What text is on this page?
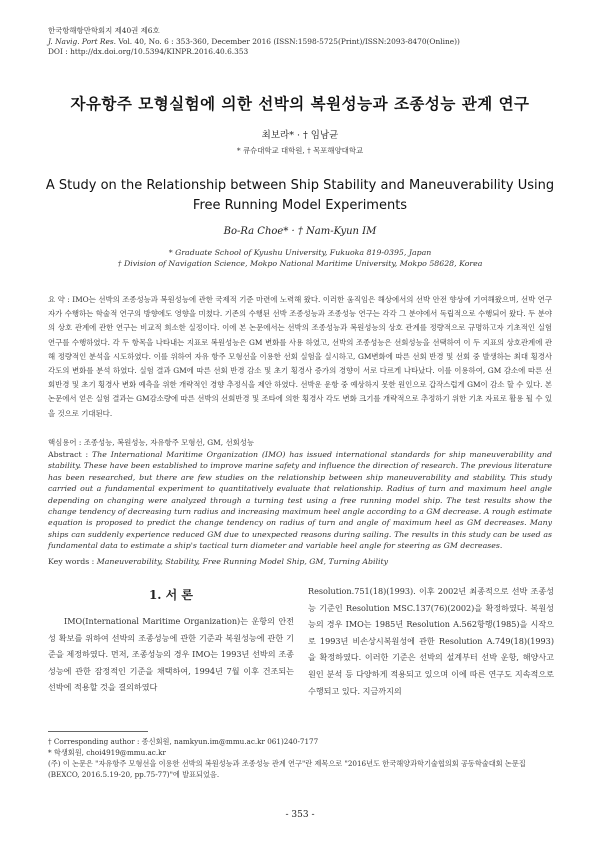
한국항해항만학회지 제40권 제6호
J. Navig. Port Res. Vol. 40, No. 6 : 353-360, December 2016 (ISSN:1598-5725(Print)/ISSN:2093-8470(Online))
DOI : http://dx.doi.org/10.5394/KINPR.2016.40.6.353
자유항주 모형실험에 의한 선박의 복원성능과 조종성능 관계 연구
최보라* · † 임남균
* 큐슈대학교 대학원, † 목포해양대학교
A Study on the Relationship between Ship Stability and Maneuverability Using Free Running Model Experiments
Bo-Ra Choe* · † Nam-Kyun IM
* Graduate School of Kyushu University, Fukuoka 819-0395, Japan
† Division of Navigation Science, Mokpo National Maritime University, Mokpo 58628, Korea
요 약 : IMO는 선박의 조종성능과 복원성능에 관한 국제적 기준 마련에 노력해 왔다. 이러한 움직임은 해상에서의 선박 안전 향상에 기여해왔으며, 선박 연구자가 수행하는 학술적 연구의 방향에도 영향을 미쳤다. 기존의 수행된 선박 조종성능과 조종성능 연구는 각각 그 분야에서 독립적으로 수행되어 왔다. 두 분야의 상호 관계에 관한 연구는 비교적 희소한 실정이다. 이에 본 논문에서는 선박의 조종성능과 복원성능의 상호 관계를 정량적으로 규명하고자 기초적인 실험 연구를 수행하였다. 각 두 항목을 나타내는 지표로 복원성능은 GM 변화를 사용 하였고, 선박의 조종성능은 선회성능을 선택하여 이 두 지표의 상호관계에 관해 정량적인 분석을 시도하였다. 이를 위하여 자유 항주 모형선을 이용한 선회 실험을 실시하고, GM변화에 따른 선회 반경 및 선회 중 발생하는 최대 횡경사 각도의 변화를 분석 하였다. 실험 결과 GM에 따른 선회 반경 감소 및 초기 횡경사 증가의 경향이 서로 다르게 나타났다. 이를 이용하여, GM 감소에 따른 선회반경 및 초기 횡경사 변화 예측을 위한 개략적인 경향 추정식을 제안 하였다. 선박운 운항 중 예상하지 못한 원인으로 갑작스럽게 GM이 감소 할 수 있다. 본 논문에서 얻은 실험 결과는 GM감소량에 따른 선박의 선회반경 및 조타에 의한 횡경사 각도 변화 크기를 개략적으로 추정하기 위한 기초 자료로 활용 될 수 있을 것으로 기대된다.
핵심용어 : 조종성능, 복원성능, 자유항주 모형선, GM, 선회성능
Abstract : The International Maritime Organization (IMO) has issued international standards for ship maneuverability and stability. These have been established to improve marine safety and influence the direction of research. The previous literature has been researched, but there are few studies on the relationship between ship maneuverability and stability. This study carried out a fundamental experiment to quantitatively evaluate that relationship. Radius of turn and maximum heel angle depending on changing were analyzed through a turning test using a free running model ship. The test results show the change tendency of decreasing turn radius and increasing maximum heel angle according to a GM decrease. A rough estimate equation is proposed to predict the change tendency on radius of turn and angle of maximum heel as GM decreases. Many ships can suddenly experience reduced GM due to unexpected reasons during sailing. The results in this study can be used as fundamental data to estimate a ship's tactical turn diameter and variable heel angle for steering as GM decreases.
Key words : Maneuverability, Stability, Free Running Model Ship, GM, Turning Ability
1. 서 론
IMO(International Maritime Organization)는 운항의 안전성 확보를 위하여 선박의 조종성능에 관한 기준과 복원성능에 관한 기준을 제정하였다. 먼저, 조종성능의 경우 IMO는 1993년 선박의 조종성능에 관한 잠정적인 기준을 채택하여, 1994년 7월 이후 건조되는 선박에 적용할 것을 결의하였다
Resolution.751(18)(1993). 이후 2002년 최종적으로 선박 조종성능 기준인 Resolution MSC.137(76)(2002)을 확정하였다. 복원성능의 경우 IMO는 1985년 Resolution A.562항행(1985)을 시작으로 1993년 비손상시복원성에 관한 Resolution A.749(18)(1993)을 확정하였다. 이러한 기준은 선박의 설계부터 선박 운항, 해양사고 원인 분석 등 다양하게 적용되고 있으며 이에 따른 연구도 지속적으로 수행되고 있다. 지금까지의
† Corresponding author : 종신회원, namkyun.im@mmu.ac.kr 061)240-7177
* 학생회원, choi4919@mmu.ac.kr
(주) 이 논문은 "자유항주 모형선을 이용한 선박의 복원성능과 조종성능 관계 연구"란 제목으로 "2016년도 한국해양과학기술협의회 공동학술대회 논문집(BEXCO, 2016.5.19-20, pp.75-77)"에 발표되었음.
- 353 -
